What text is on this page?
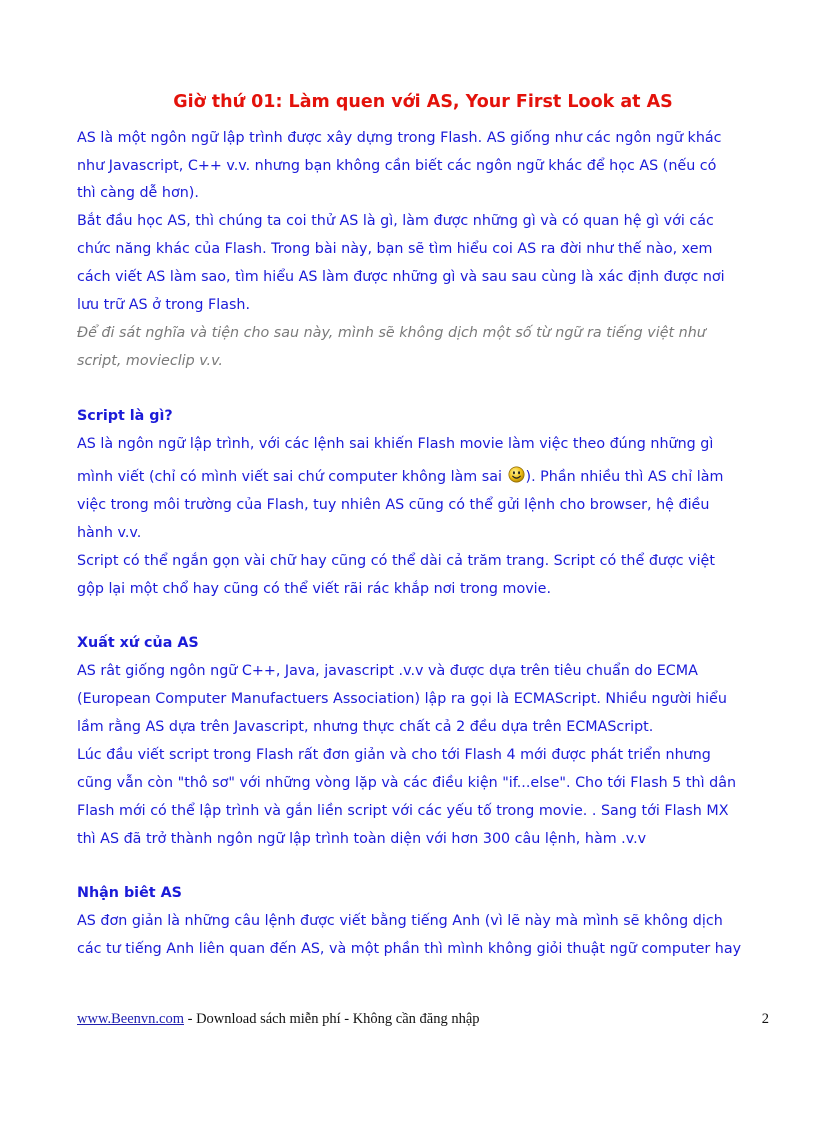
Giờ thứ 01: Làm quen với AS, Your First Look at AS

AS là một ngôn ngữ lập trình được xây dựng trong Flash. AS giống như các ngôn ngữ khác

như Javascript, C++ v.v. nhưng bạn không cần biết các ngôn ngữ khác để học AS (nếu có

thì càng dễ hơn).

Bắt đầu học AS, thì chúng ta coi thử AS là gì, làm được những gì và có quan hệ gì với các

chức năng khác của Flash. Trong bài này, bạn sẽ tìm hiểu coi AS ra đời như thế nào, xem

cách viết AS làm sao, tìm hiểu AS làm được những gì và sau sau cùng là xác định được nơi

lưu trữ AS ở trong Flash.

Để đi sát nghĩa và tiện cho sau này, mình sẽ không dịch một số từ ngữ ra tiếng việt như

script, movieclip v.v.

Script là gì?

AS là ngôn ngữ lập trình, với các lệnh sai khiến Flash movie làm việc theo đúng những gì

mình viết (chỉ có mình viết sai chứ computer không làm sai ). Phần nhiều thì AS chỉ làm

việc trong môi trường của Flash, tuy nhiên AS cũng có thể gửi lệnh cho browser, hệ điều

hành v.v.

Script có thể ngắn gọn vài chữ hay cũng có thể dài cả trăm trang. Script có thể được việt

gộp lại một chổ hay cũng có thể viết rãi rác khắp nơi trong movie.

Xuất xứ của AS

AS rât giống ngôn ngữ C++, Java, javascript .v.v và được dựa trên tiêu chuẩn do ECMA

(European Computer Manufactuers Association) lập ra gọi là ECMAScript. Nhiều người hiểu

lầm rằng AS dựa trên Javascript, nhưng thực chất cả 2 đều dựa trên ECMAScript.

Lúc đầu viết script trong Flash rất đơn giản và cho tới Flash 4 mới được phát triển nhưng

cũng vẫn còn "thô sơ" với những vòng lặp và các điều kiện "if...else". Cho tới Flash 5 thì dân

Flash mới có thể lập trình và gắn liền script với các yếu tố trong movie. . Sang tới Flash MX

thì AS đã trở thành ngôn ngữ lập trình toàn diện với hơn 300 câu lệnh, hàm .v.v

Nhận biêt AS

AS đơn giản là những câu lệnh được viết bằng tiếng Anh (vì lẽ này mà mình sẽ không dịch

các tư tiếng Anh liên quan đến AS, và một phần thì mình không giỏi thuật ngữ computer hay

www.Beenvn.com - Download sách miễn phí - Không cần đăng nhập	2
